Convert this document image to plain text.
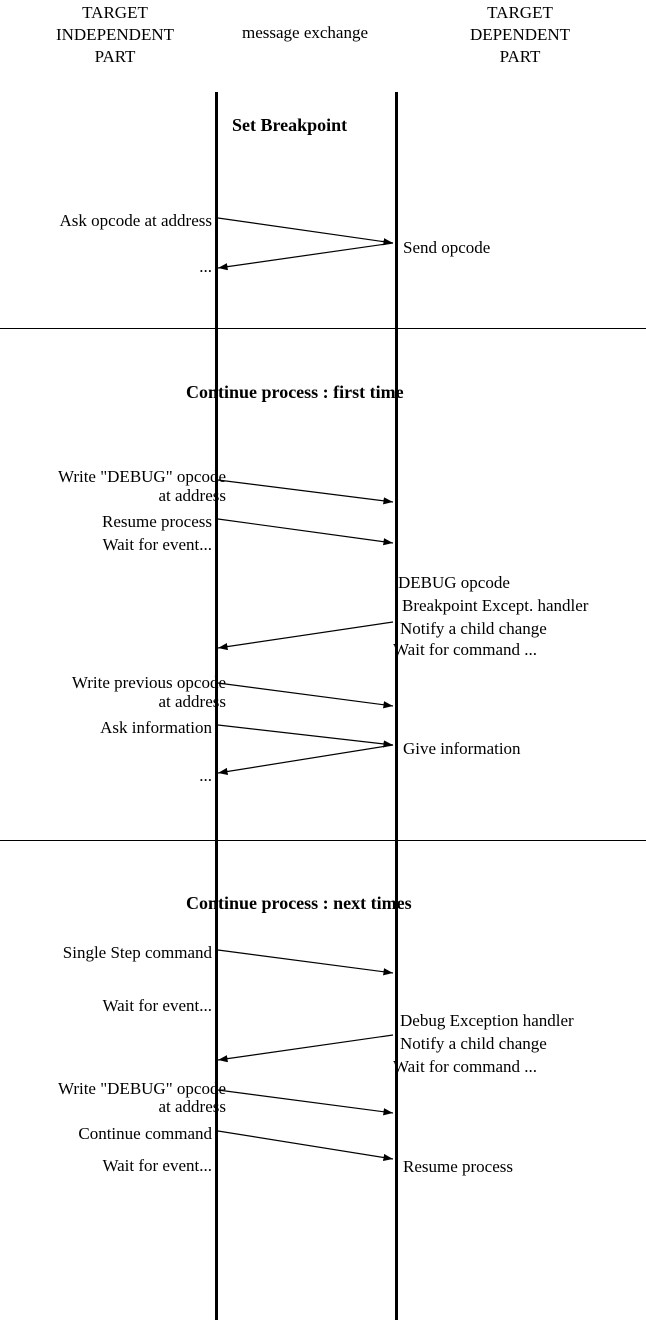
TARGET
INDEPENDENT
PART
message exchange
TARGET
DEPENDENT
PART
Set Breakpoint
Continue process : first time
Continue process : next times
Ask opcode at address
...
Send opcode
Write "DEBUG" opcode
at address
Resume process
Wait for event...
DEBUG opcode
Breakpoint Except. handler
Notify a child change
Wait for command ...
Write previous opcode
at address
Ask information
Give information
...
Single Step command
Wait for event...
Debug Exception handler
Notify a child change
Wait for command ...
Write "DEBUG" opcode
at address
Continue command
Wait for event...	Resume process
